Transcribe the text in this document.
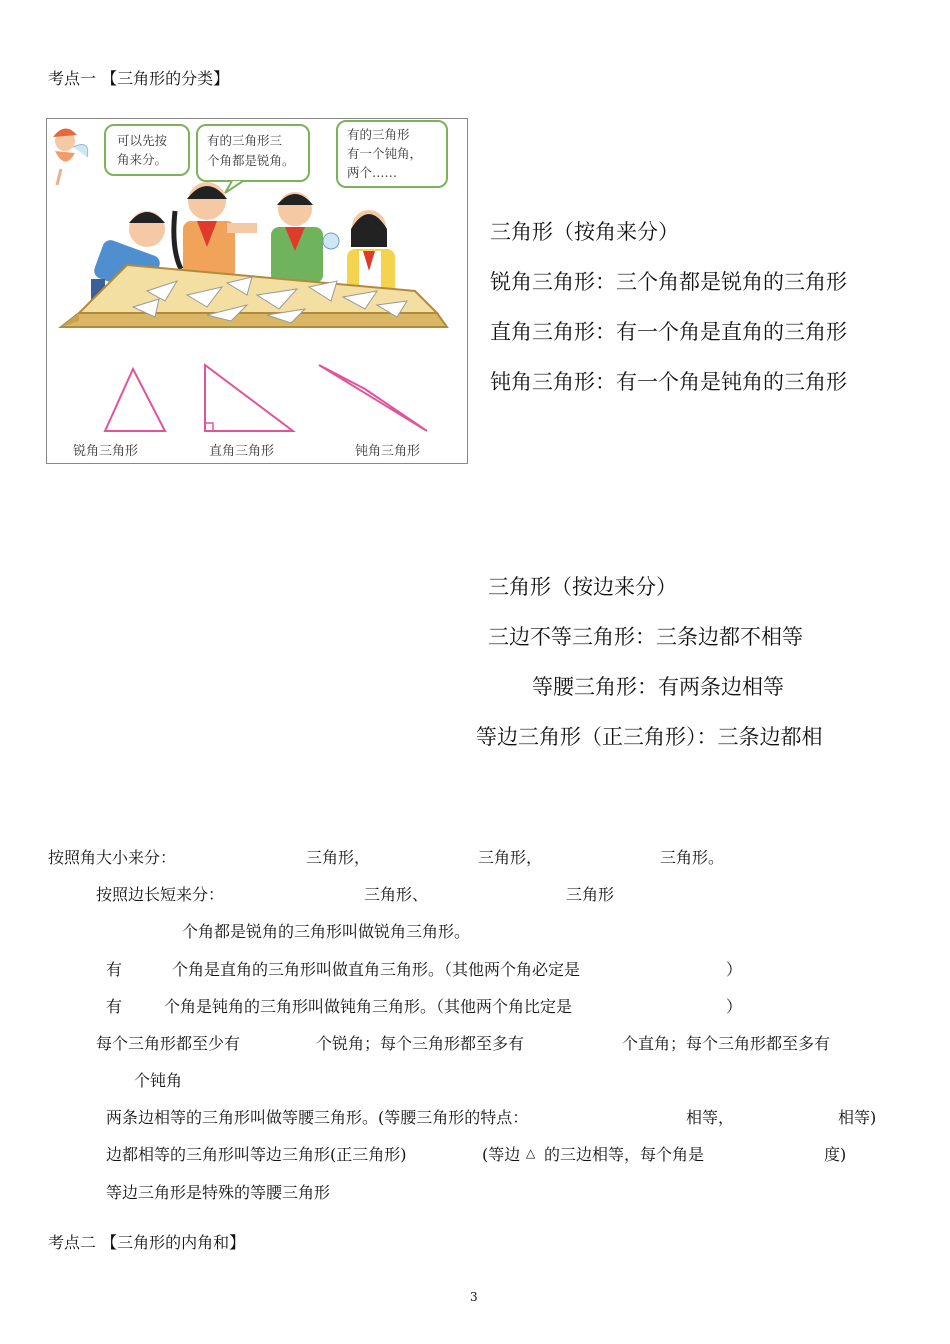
考点一 【三角形的分类】
可以先按
角来分。
有的三角形三
个角都是锐角。
有的三角形
有一个钝角，
两个……
锐角三角形	直角三角形	钝角三角形
三角形（按角来分）
锐角三角形：三个角都是锐角的三角形
直角三角形：有一个角是直角的三角形
钝角三角形：有一个角是钝角的三角形
三角形（按边来分）
三边不等三角形：三条边都不相等
等腰三角形：有两条边相等
等边三角形（正三角形）：三条边都相
按照角大小来分：	三角形，	三角形，	三角形。
按照边长短来分：	三角形、	三角形
个角都是锐角的三角形叫做锐角三角形。
有	个角是直角的三角形叫做直角三角形。（其他两个角必定是	）
有	个角是钝角的三角形叫做钝角三角形。（其他两个角比定是	）
每个三角形都至少有	个锐角；每个三角形都至多有	个直角；每个三角形都至多有
个钝角
两条边相等的三角形叫做等腰三角形。(等腰三角形的特点：	相等，	相等)
边都相等的三角形叫等边三角形(正三角形)	(等边 △ 的三边相等，每个角是	度)
等边三角形是特殊的等腰三角形
考点二 【三角形的内角和】
3
